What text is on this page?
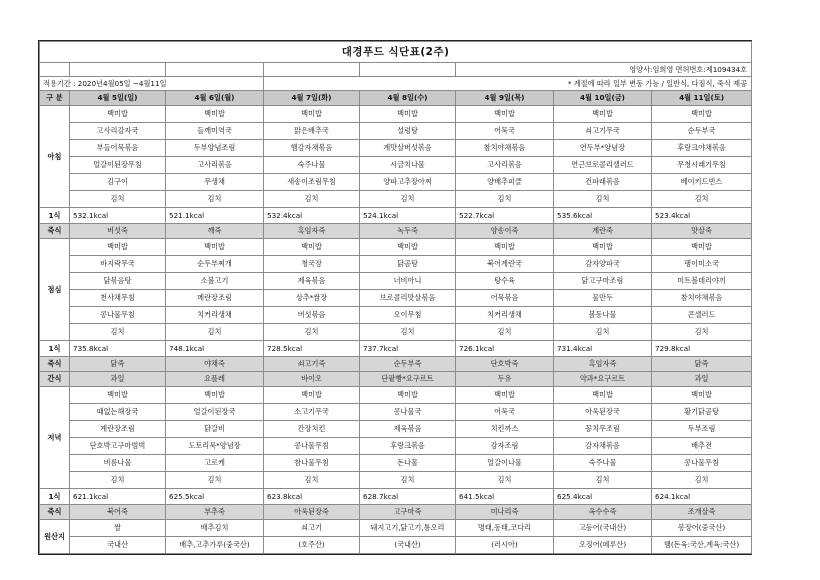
대경푸드 식단표(2주)							
					영양사:임희영 면허번호:제109434호		
적용기간 : 2020년4월05일 ~4월11일			* 계절에 따라 일부 변동 가능 / 일반식, 다짐식, 죽식 제공				
구 분	4월 5일(일)	4월 6일(월)	4월 7일(화)	4월 8일(수)	4월 9일(목)	4월 10일(금)	4월 11일(토)
아침	백미밥	백미밥	백미밥	백미밥	백미밥	백미밥	백미밥
	고사리감자국	들깨미역국	맑은배추국	설렁탕	어묵국	쇠고기무국	순두부국
	부들어묵볶음	두부양념조림	햄감자채볶음	계맛살버섯볶음	참치야채볶음	연두부*양념장	후랑크야채볶음
	얼갈이된장무침	고사리볶음	숙주나물	시금치나물	고사리볶음	연근브로콜리샐러드	무청시래기무침
	김구이	무생채	새송이조림무침	양파고추장아찌	양배추피클	건파래볶음	베이키드빈스
	김치	김치	김치	김치	김치	김치	김치
1식	532.1kcal	521.1kcal	532.4kcal	524.1kcal	522.7kcal	535.6kcal	523.4kcal
죽식	버섯죽	깨죽	흑임자죽	녹두죽	양송이죽	계란죽	맛살죽
점심	백미밥	백미밥	백미밥	백미밥	백미밥	백미밥	백미밥
	바지락무국	순두부찌개	청국장	닭곰탕	북어계란국	감자양파국	팽이미소국
	닭볶음탕	소불고기	제육볶음	너비아니	탕수육	닭고구마조림	미트볼데리야끼
	천사채무침	메란장조림	상추*쌈장	브로콜리맛살볶음	어묵볶음	물만두	참치야채볶음
	콩나물무침	치커리생채	버섯볶음	오이무침	치커리생채	봄동나물	콘샐러드
	김치	김치	김치	김치	김치	김치	김치
1식	735.8kcal	748.1kcal	728.5kcal	737.7kcal	726.1kcal	731.4kcal	729.8kcal
죽식	닭죽	야채죽	쇠고기죽	순두부죽	단호박죽	흑임자죽	닭죽
간식	과일	요플레	바이오	단팥빵*요구르트	두유	약과*요구르트	과일
저녁	백미밥	백미밥	백미밥	백미밥	백미밥	백미밥	백미밥
	때없는해장국	얼갈이된장국	소고기무국	콩나물국	어묵국	아욱된장국	황기닭곰탕
	계란장조림	닭갈비	간장치킨	제육볶음	치킨까스	꽁치무조림	두부조림
	단호박고구마범벅	도토리묵*양념장	콩나물무침	후랑크볶음	감자조림	감자채볶음	배추전
	비름나물	고로케	참나물무침	돈나물	얼갈이나물	숙주나물	콩나물무침
	김치	김치	김치	김치	김치	김치	김치
1식	621.1kcal	625.5kcal	623.8kcal	628.7kcal	641.5kcal	625.4kcal	624.1kcal
죽식	북어죽	부추죽	아욱된장죽	고구마죽	미나리죽	옥수수죽	조개살죽
원산지	쌀	배추김치	쇠고기	돼지고기,닭고기,통오리	명태,동태,코다리	고등어(국내산)	봉장어(중국산)
	국내산	배추,고추가루(중국산)	(호주산)	(국내산)	(러시아)	오징어(페루산)	햄(돈육:국산,계육:국산)
